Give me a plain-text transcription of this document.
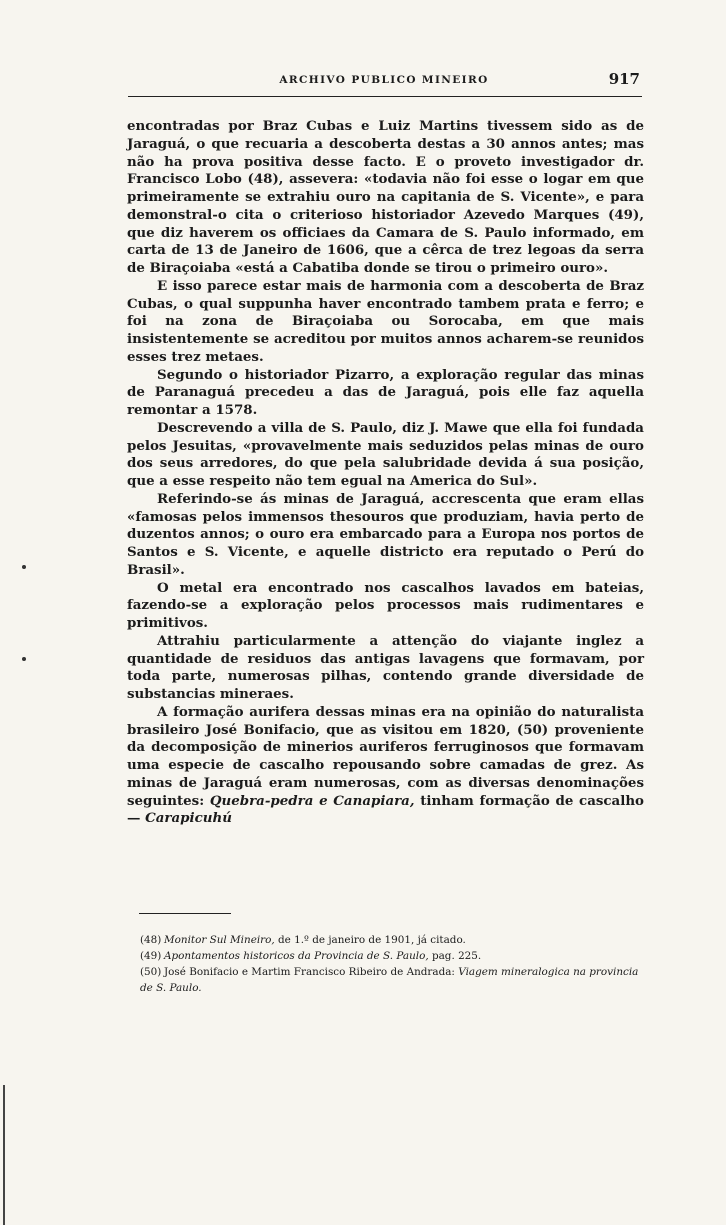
ARCHIVO PUBLICO MINEIRO	917

encontradas por Braz Cubas e Luiz Martins tivessem sido as de Jaraguá, o que recuaria a descoberta destas a 30 annos antes; mas não ha prova positiva desse facto. E o proveto investigador dr. Francisco Lobo (48), assevera: «todavia não foi esse o logar em que primeiramente se extrahiu ouro na capitania de S. Vicente», e para demonstral-o cita o criterioso historiador Azevedo Marques (49), que diz haverem os officiaes da Camara de S. Paulo informado, em carta de 13 de Janeiro de 1606, que a cêrca de trez legoas da serra de Biraçoiaba «está a Cabatiba donde se tirou o primeiro ouro».

E isso parece estar mais de harmonia com a descoberta de Braz Cubas, o qual suppunha haver encontrado tambem prata e ferro; e foi na zona de Biraçoiaba ou Sorocaba, em que mais insistentemente se acreditou por muitos annos acharem-se reunidos esses trez metaes.

Segundo o historiador Pizarro, a exploração regular das minas de Paranaguá precedeu a das de Jaraguá, pois elle faz aquella remontar a 1578.

Descrevendo a villa de S. Paulo, diz J. Mawe que ella foi fundada pelos Jesuitas, «provavelmente mais seduzidos pelas minas de ouro dos seus arredores, do que pela salubridade devida á sua posição, que a esse respeito não tem egual na America do Sul».

Referindo-se ás minas de Jaraguá, accrescenta que eram ellas «famosas pelos immensos thesouros que produziam, havia perto de duzentos annos; o ouro era embarcado para a Europa nos portos de Santos e S. Vicente, e aquelle districto era reputado o Perú do Brasil».

O metal era encontrado nos cascalhos lavados em bateias, fazendo-se a exploração pelos processos mais rudimentares e primitivos.

Attrahiu particularmente a attenção do viajante inglez a quantidade de residuos das antigas lavagens que formavam, por toda parte, numerosas pilhas, contendo grande diversidade de substancias mineraes.

A formação aurifera dessas minas era na opinião do naturalista brasileiro José Bonifacio, que as visitou em 1820, (50) proveniente da decomposição de minerios auriferos ferruginosos que formavam uma especie de cascalho repousando sobre camadas de grez. As minas de Jaraguá eram numerosas, com as diversas denominações seguintes: Quebra-pedra e Canapiara, tinham formação de cascalho — Carapicuhú

(48) Monitor Sul Mineiro, de 1.º de janeiro de 1901, já citado.

(49) Apontamentos historicos da Provincia de S. Paulo, pag. 225.

(50) José Bonifacio e Martim Francisco Ribeiro de Andrada: Viagem mineralogica na provincia de S. Paulo.
